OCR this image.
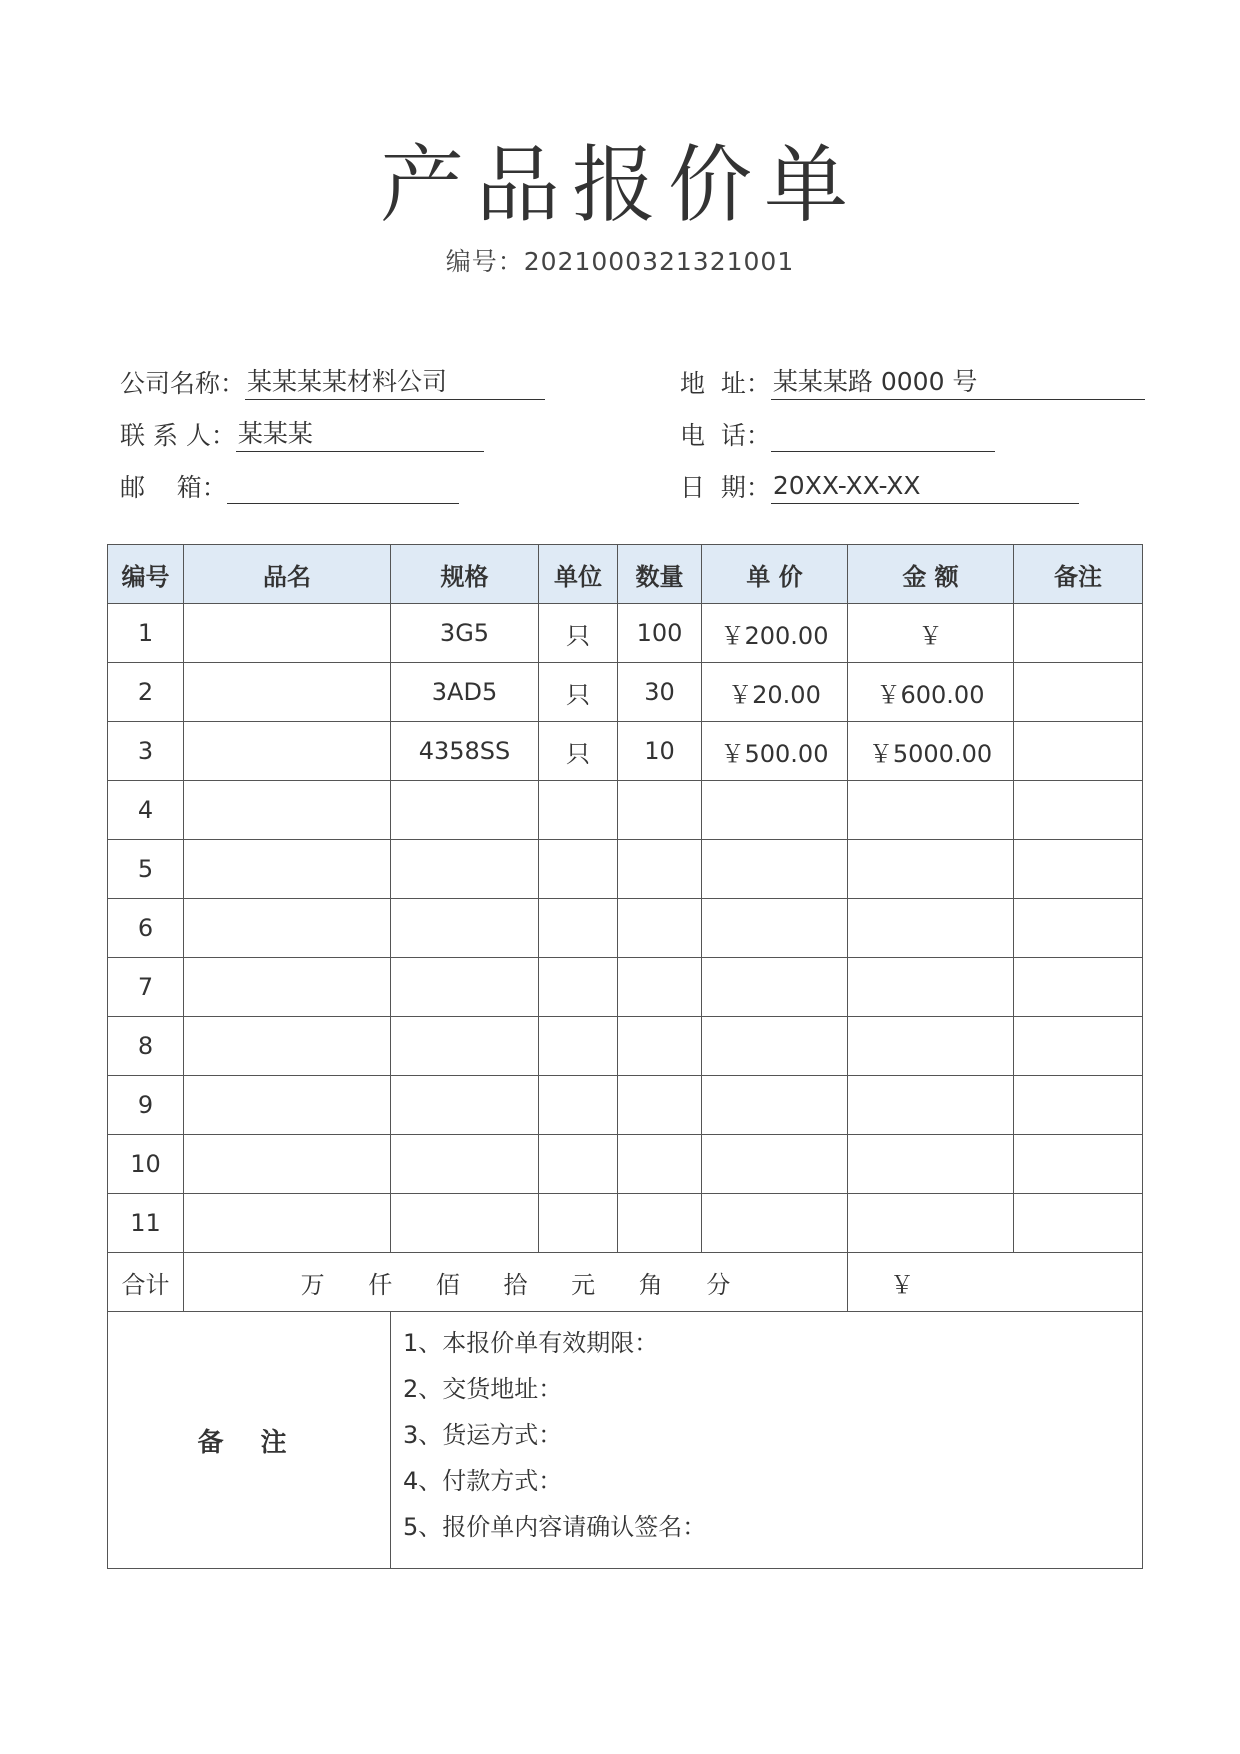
产品报价单
编号：2021000321321001
公司名称： 某某某某材料公司	地  址： 某某某路 0000 号
联 系 人： 某某某	电  话：
邮    箱：	日  期： 20XX-XX-XX
编号	品名	规格	单位	数量	单 价	金 额	备注
1		3G5	只	100	￥200.00	￥	
2		3AD5	只	30	￥20.00	￥600.00	
3		4358SS	只	10	￥500.00	￥5000.00	
4							
5							
6							
7							
8							
9							
10							
11							
合计	万 仟 佰 拾 元 角 分					￥	
备 注		1、本报价单有效期限：
2、交货地址：
3、货运方式：
4、付款方式：
5、报价单内容请确认签名：					
